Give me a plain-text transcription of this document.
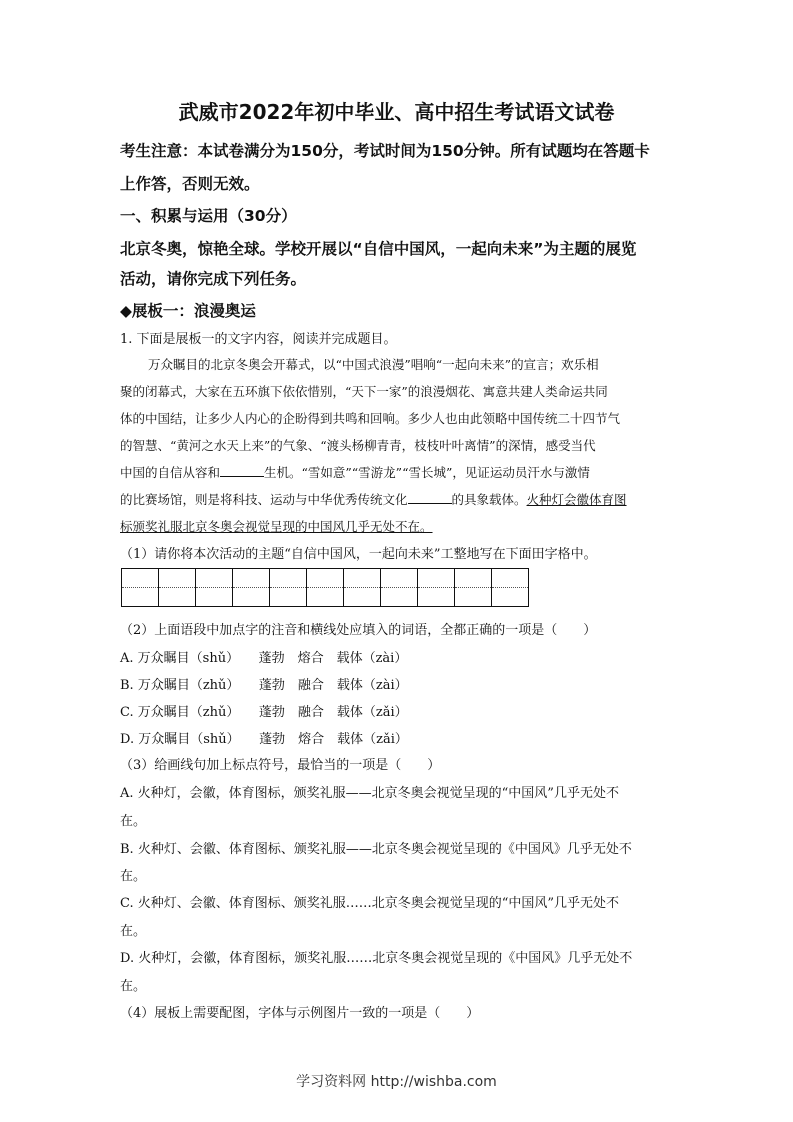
武威市2022年初中毕业、高中招生考试语文试卷
考生注意：本试卷满分为150分，考试时间为150分钟。所有试题均在答题卡
上作答，否则无效。
一、积累与运用（30分）
北京冬奥，惊艳全球。学校开展以“自信中国风，一起向未来”为主题的展览
活动，请你完成下列任务。
◆展板一：浪漫奥运
1. 下面是展板一的文字内容，阅读并完成题目。
万众瞩目的北京冬奥会开幕式，以“中国式浪漫”唱响“一起向未来”的宣言；欢乐相
聚的闭幕式，大家在五环旗下依依惜别，“天下一家”的浪漫烟花、寓意共建人类命运共同
体的中国结，让多少人内心的企盼得到共鸣和回响。多少人也由此领略中国传统二十四节气
的智慧、“黄河之水天上来”的气象、“渡头杨柳青青，枝枝叶叶离情”的深情，感受当代
中国的自信从容和	生机。“雪如意”“雪游龙”“雪长城”，见证运动员汗水与激情
的比赛场馆，则是将科技、运动与中华优秀传统文化	的具象载体。火种灯会徽体育图
标颁奖礼服北京冬奥会视觉呈现的中国风几乎无处不在。
（1）请你将本次活动的主题“自信中国风，一起向未来”工整地写在下面田字格中。
（2）上面语段中加点字的注音和横线处应填入的词语，全都正确的一项是（　　）
A. 万众瞩目（shǔ）　　蓬勃　熔合　载体（zài）
B. 万众瞩目（zhǔ）　　蓬勃　融合　载体（zài）
C. 万众瞩目（zhǔ）　　蓬勃　融合　载体（zǎi）
D. 万众瞩目（shǔ）　　蓬勃　熔合　载体（zǎi）
（3）给画线句加上标点符号，最恰当的一项是（　　）
A. 火种灯，会徽，体育图标，颁奖礼服——北京冬奥会视觉呈现的“中国风”几乎无处不
在。
B. 火种灯、会徽、体育图标、颁奖礼服——北京冬奥会视觉呈现的《中国风》几乎无处不
在。
C. 火种灯、会徽、体育图标、颁奖礼服……北京冬奥会视觉呈现的“中国风”几乎无处不
在。
D. 火种灯，会徽，体育图标，颁奖礼服……北京冬奥会视觉呈现的《中国风》几乎无处不
在。
（4）展板上需要配图，字体与示例图片一致的一项是（　　）
学习资料网 http://wishba.com
